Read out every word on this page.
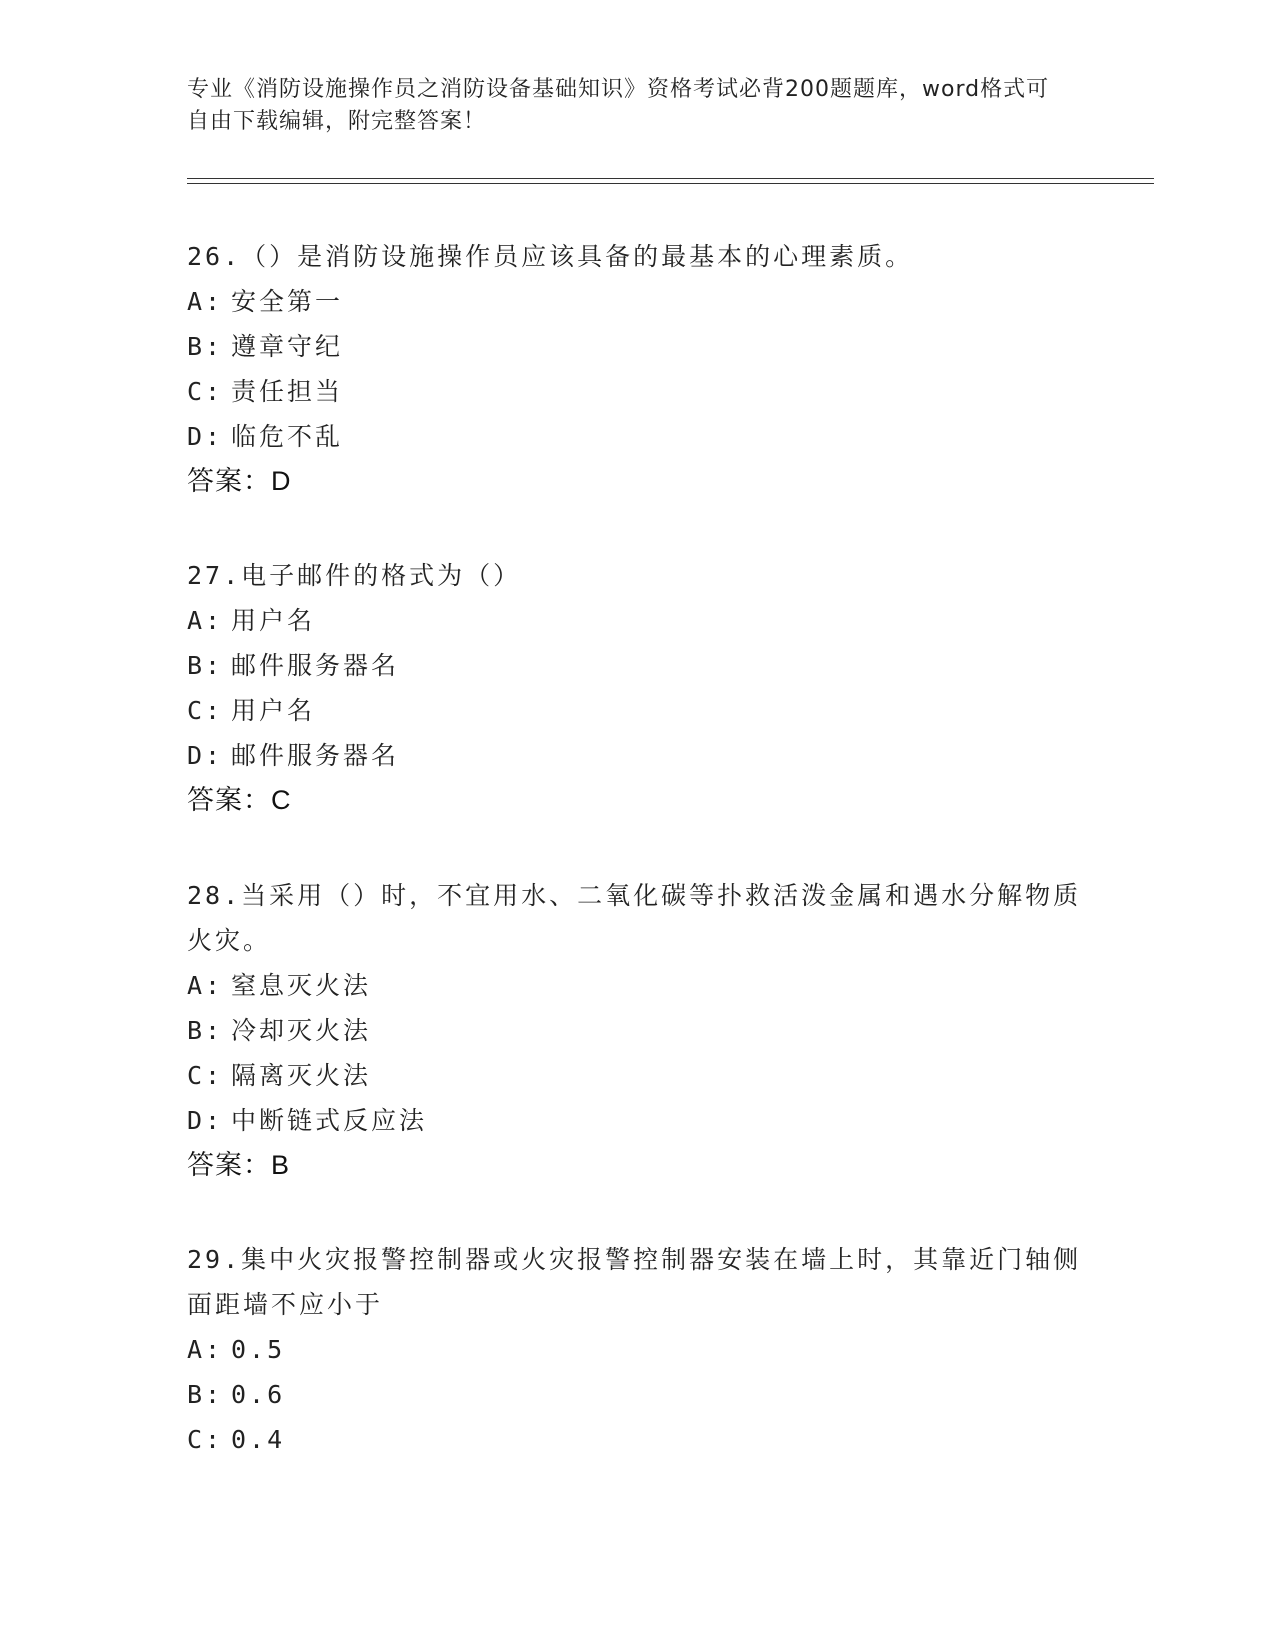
专业《消防设施操作员之消防设备基础知识》资格考试必背200题题库，word格式可自由下载编辑，附完整答案！

26.（）是消防设施操作员应该具备的最基本的心理素质。

A: 安全第一

B: 遵章守纪

C: 责任担当

D: 临危不乱

答案：D

27.电子邮件的格式为（）

A: 用户名

B: 邮件服务器名

C: 用户名

D: 邮件服务器名

答案：C

28.当采用（）时，不宜用水、二氧化碳等扑救活泼金属和遇水分解物质火灾。

A: 窒息灭火法

B: 冷却灭火法

C: 隔离灭火法

D: 中断链式反应法

答案：B

29.集中火灾报警控制器或火灾报警控制器安装在墙上时，其靠近门轴侧面距墙不应小于

A: 0.5

B: 0.6

C: 0.4
